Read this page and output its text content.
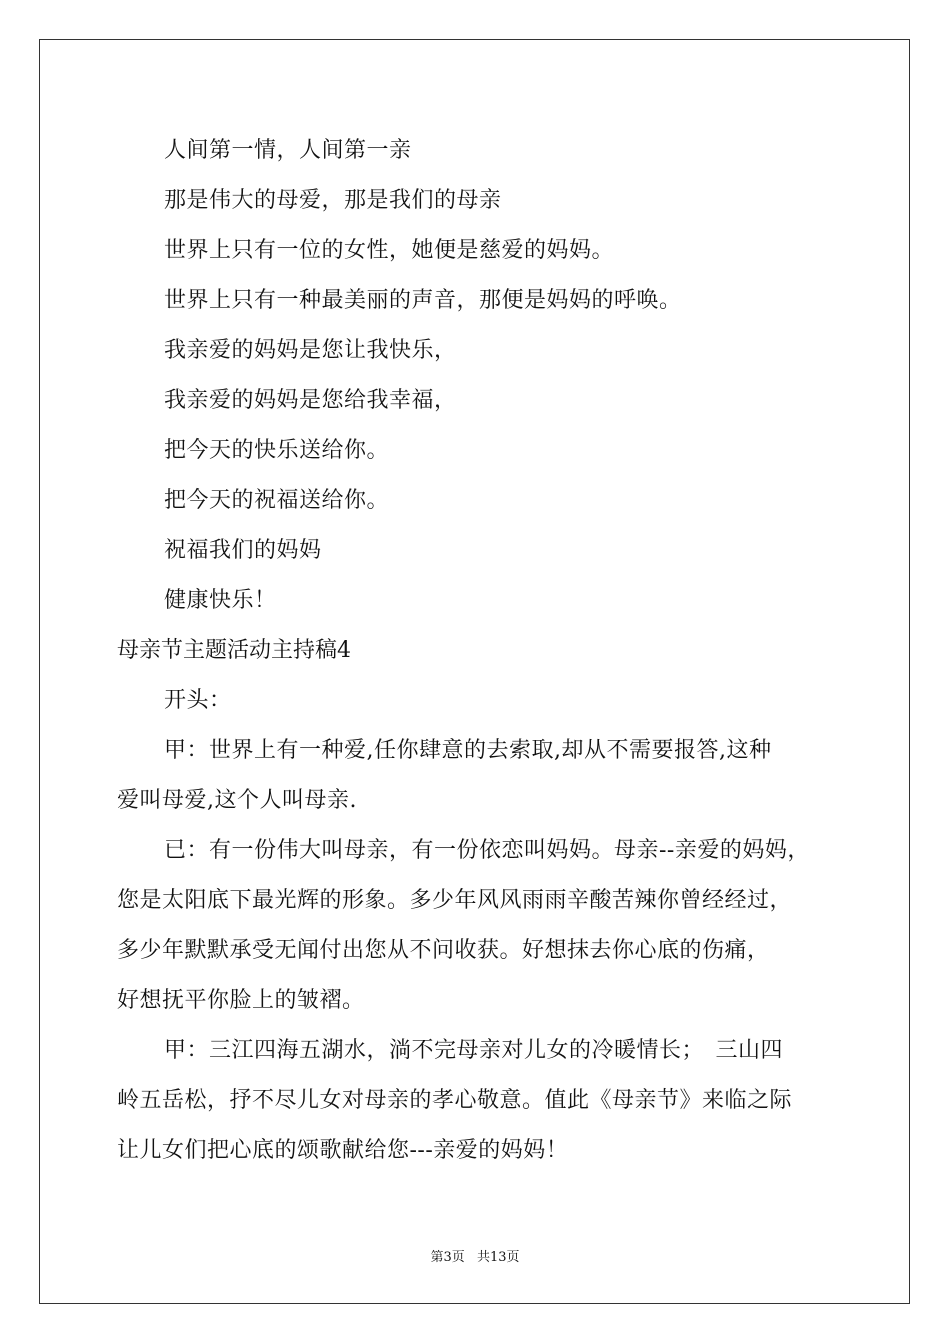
人间第一情，人间第一亲
那是伟大的母爱，那是我们的母亲
世界上只有一位的女性，她便是慈爱的妈妈。
世界上只有一种最美丽的声音，那便是妈妈的呼唤。
我亲爱的妈妈是您让我快乐，
我亲爱的妈妈是您给我幸福，
把今天的快乐送给你。
把今天的祝福送给你。
祝福我们的妈妈
健康快乐！
母亲节主题活动主持稿4
开头：
甲：世界上有一种爱,任你肆意的去索取,却从不需要报答,这种
爱叫母爱,这个人叫母亲.
已：有一份伟大叫母亲，有一份依恋叫妈妈。母亲--亲爱的妈妈，
您是太阳底下最光辉的形象。多少年风风雨雨辛酸苦辣你曾经经过，
多少年默默承受无闻付出您从不问收获。好想抹去你心底的伤痛，
好想抚平你脸上的皱褶。
甲：三江四海五湖水，淌不完母亲对儿女的冷暖情长；　三山四
岭五岳松，抒不尽儿女对母亲的孝心敬意。值此《母亲节》来临之际
让儿女们把心底的颂歌献给您---亲爱的妈妈！
第3页 共13页
